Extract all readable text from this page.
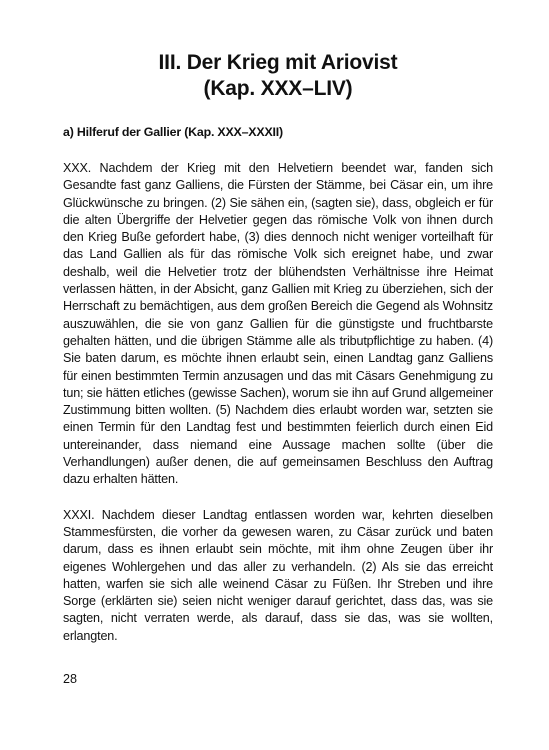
III. Der Krieg mit Ariovist
(Kap. XXX–LIV)
a) Hilferuf der Gallier (Kap. XXX–XXXII)

XXX. Nachdem der Krieg mit den Helvetiern beendet war, fanden sich Gesandte fast ganz Galliens, die Fürsten der Stämme, bei Cäsar ein, um ihre Glückwünsche zu bringen. (2) Sie sähen ein, (sagten sie), dass, obgleich er für die alten Übergriffe der Helvetier gegen das römische Volk von ihnen durch den Krieg Buße gefordert habe, (3) dies dennoch nicht weniger vorteilhaft für das Land Gallien als für das römische Volk sich ereignet habe, und zwar deshalb, weil die Helvetier trotz der blühendsten Verhältnisse ihre Heimat verlassen hätten, in der Absicht, ganz Gallien mit Krieg zu überziehen, sich der Herrschaft zu bemächtigen, aus dem großen Bereich die Gegend als Wohnsitz auszuwählen, die sie von ganz Gallien für die günstigste und fruchtbarste gehalten hätten, und die übrigen Stämme alle als tributpflichtige zu haben. (4) Sie baten darum, es möchte ihnen erlaubt sein, einen Landtag ganz Galliens für einen bestimmten Termin anzusagen und das mit Cäsars Genehmigung zu tun; sie hätten etliches (gewisse Sachen), worum sie ihn auf Grund allgemeiner Zustimmung bitten wollten. (5) Nachdem dies erlaubt worden war, setzten sie einen Termin für den Landtag fest und bestimmten feierlich durch einen Eid untereinander, dass niemand eine Aussage machen sollte (über die Verhandlungen) außer denen, die auf gemeinsamen Beschluss den Auftrag dazu erhalten hätten.

XXXI. Nachdem dieser Landtag entlassen worden war, kehrten dieselben Stammesfürsten, die vorher da gewesen waren, zu Cäsar zurück und baten darum, dass es ihnen erlaubt sein möchte, mit ihm ohne Zeugen über ihr eigenes Wohlergehen und das aller zu verhandeln. (2) Als sie das erreicht hatten, warfen sie sich alle weinend Cäsar zu Füßen. Ihr Streben und ihre Sorge (erklärten sie) seien nicht weniger darauf gerichtet, dass das, was sie sagten, nicht verraten werde, als darauf, dass sie das, was sie wollten, erlangten.

28
